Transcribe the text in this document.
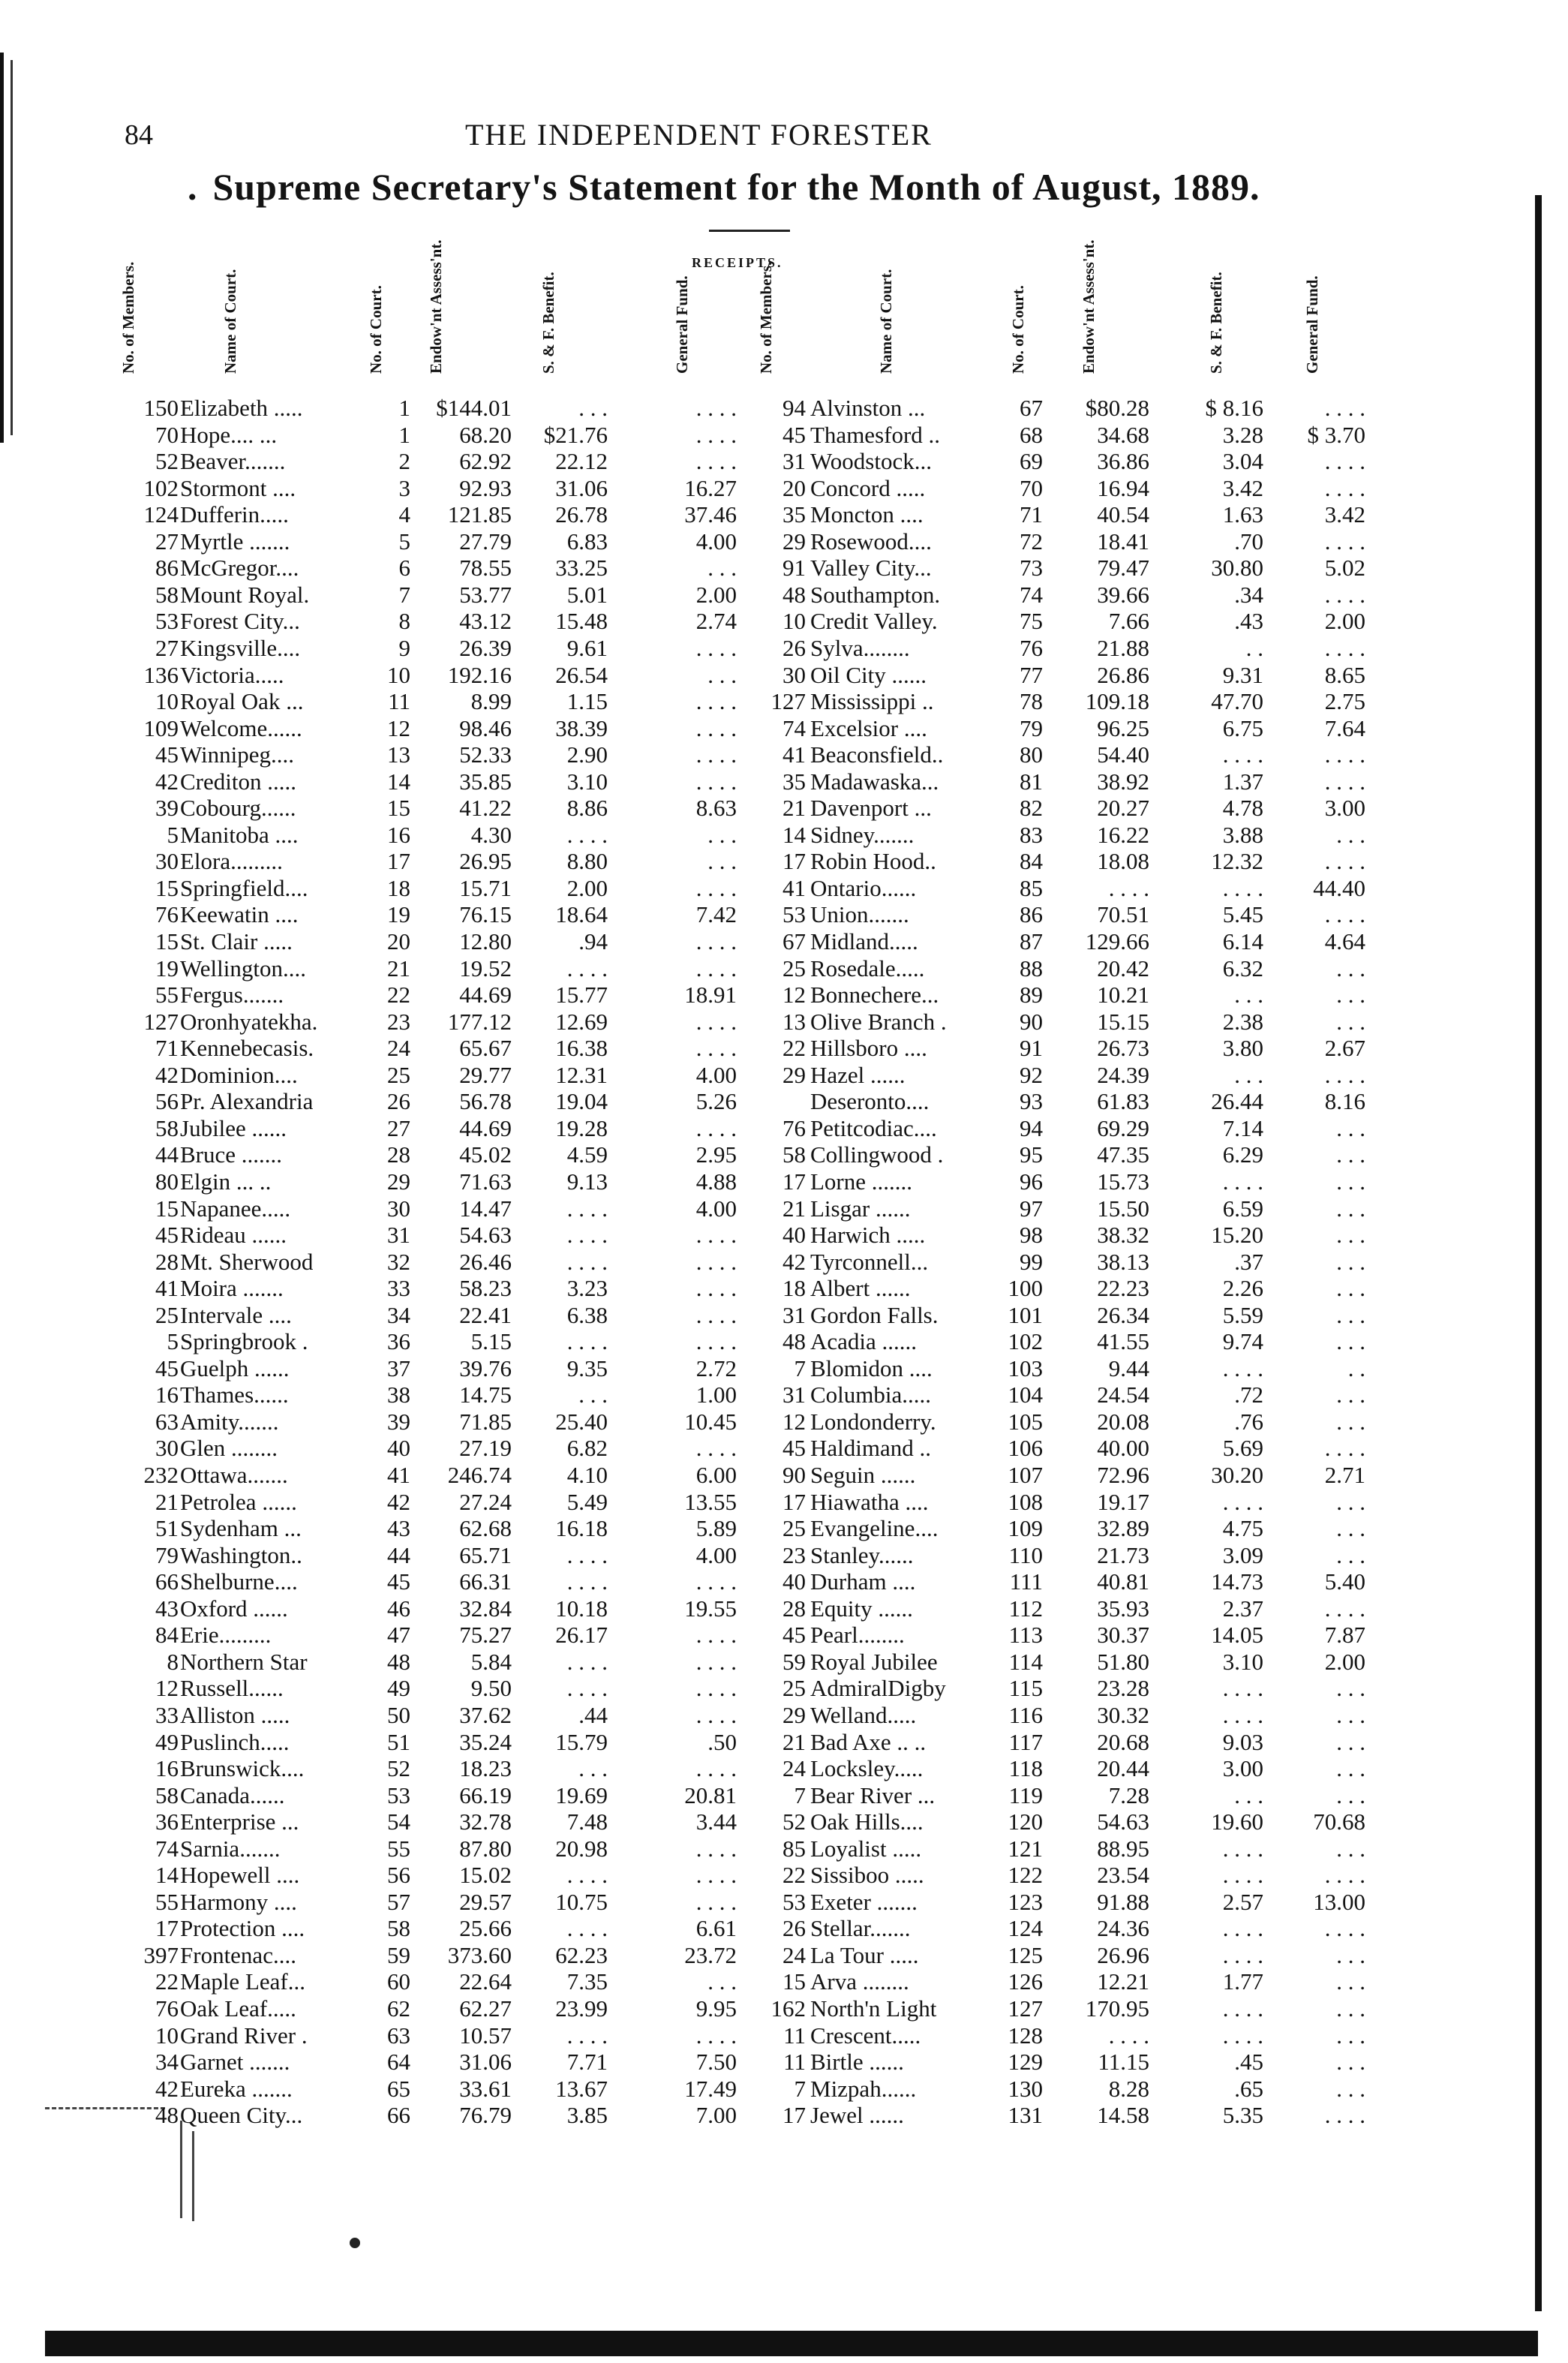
84	THE INDEPENDENT FORESTER
. Supreme Secretary's Statement for the Month of August, 1889.
RECEIPTS.
No. of Members.	Name of Court.	No. of Court.	Endow'nt Assess'nt.	S. & F. Benefit.	General Fund.	No. of Members.	Name of Court.	No. of Court.	Endow'nt Assess'nt.	S. & F. Benefit.	General Fund.
150 Elizabeth .....	1	$144.01	. . .	. . . .	94 Alvinston ...	67	$80.28	$ 8.16	. . . .
70 Hope.... ...	1	68.20	$21.76	. . . .	45 Thamesford ..	68	34.68	3.28	$ 3.70
52 Beaver.......	2	62.92	22.12	. . . .	31 Woodstock...	69	36.86	3.04	. . . .
102 Stormont ....	3	92.93	31.06	16.27	20 Concord .....	70	16.94	3.42	. . . .
124 Dufferin.....	4	121.85	26.78	37.46	35 Moncton ....	71	40.54	1.63	3.42
27 Myrtle .......	5	27.79	6.83	4.00	29 Rosewood....	72	18.41	.70	. . . .
86 McGregor....	6	78.55	33.25	. . .	91 Valley City...	73	79.47	30.80	5.02
58 Mount Royal.	7	53.77	5.01	2.00	48 Southampton.	74	39.66	.34	. . . .
53 Forest City...	8	43.12	15.48	2.74	10 Credit Valley.	75	7.66	.43	2.00
27 Kingsville....	9	26.39	9.61	. . . .	26 Sylva........	76	21.88	. .	. . . .
136 Victoria.....	10	192.16	26.54	. . .	30 Oil City ......	77	26.86	9.31	8.65
10 Royal Oak ...	11	8.99	1.15	. . . .	127 Mississippi ..	78	109.18	47.70	2.75
109 Welcome......	12	98.46	38.39	. . . .	74 Excelsior ....	79	96.25	6.75	7.64
45 Winnipeg....	13	52.33	2.90	. . . .	41 Beaconsfield..	80	54.40	. . . .	. . . .
42 Crediton .....	14	35.85	3.10	. . . .	35 Madawaska...	81	38.92	1.37	. . . .
39 Cobourg......	15	41.22	8.86	8.63	21 Davenport ...	82	20.27	4.78	3.00
5 Manitoba ....	16	4.30	. . . .	. . .	14 Sidney.......	83	16.22	3.88	. . .
30 Elora.........	17	26.95	8.80	. . .	17 Robin Hood..	84	18.08	12.32	. . . .
15 Springfield....	18	15.71	2.00	. . . .	41 Ontario......	85	. . . .	. . . .	44.40
76 Keewatin ....	19	76.15	18.64	7.42	53 Union.......	86	70.51	5.45	. . . .
15 St. Clair .....	20	12.80	.94	. . . .	67 Midland.....	87	129.66	6.14	4.64
19 Wellington....	21	19.52	. . . .	. . . .	25 Rosedale.....	88	20.42	6.32	. . .
55 Fergus.......	22	44.69	15.77	18.91	12 Bonnechere...	89	10.21	. . .	. . .
127 Oronhyatekha.	23	177.12	12.69	. . . .	13 Olive Branch .	90	15.15	2.38	. . .
71 Kennebecasis.	24	65.67	16.38	. . . .	22 Hillsboro ....	91	26.73	3.80	2.67
42 Dominion....	25	29.77	12.31	4.00	29 Hazel ......	92	24.39	. . .	. . . .
56 Pr. Alexandria	26	56.78	19.04	5.26	Deseronto....	93	61.83	26.44	8.16
58 Jubilee ......	27	44.69	19.28	. . . .	76 Petitcodiac....	94	69.29	7.14	. . .
44 Bruce .......	28	45.02	4.59	2.95	58 Collingwood .	95	47.35	6.29	. . .
80 Elgin ... ..	29	71.63	9.13	4.88	17 Lorne .......	96	15.73	. . . .	. . .
15 Napanee.....	30	14.47	. . . .	4.00	21 Lisgar ......	97	15.50	6.59	. . .
45 Rideau ......	31	54.63	. . . .	. . . .	40 Harwich .....	98	38.32	15.20	. . .
28 Mt. Sherwood	32	26.46	. . . .	. . . .	42 Tyrconnell...	99	38.13	.37	. . .
41 Moira .......	33	58.23	3.23	. . . .	18 Albert ......	100	22.23	2.26	. . .
25 Intervale ....	34	22.41	6.38	. . . .	31 Gordon Falls.	101	26.34	5.59	. . .
5 Springbrook .	36	5.15	. . . .	. . . .	48 Acadia ......	102	41.55	9.74	. . .
45 Guelph ......	37	39.76	9.35	2.72	7 Blomidon ....	103	9.44	. . . .	. .
16 Thames......	38	14.75	. . .	1.00	31 Columbia.....	104	24.54	.72	. . .
63 Amity.......	39	71.85	25.40	10.45	12 Londonderry.	105	20.08	.76	. . .
30 Glen ........	40	27.19	6.82	. . . .	45 Haldimand ..	106	40.00	5.69	. . . .
232 Ottawa.......	41	246.74	4.10	6.00	90 Seguin ......	107	72.96	30.20	2.71
21 Petrolea ......	42	27.24	5.49	13.55	17 Hiawatha ....	108	19.17	. . . .	. . .
51 Sydenham ...	43	62.68	16.18	5.89	25 Evangeline....	109	32.89	4.75	. . .
79 Washington..	44	65.71	. . . .	4.00	23 Stanley......	110	21.73	3.09	. . .
66 Shelburne....	45	66.31	. . . .	. . . .	40 Durham ....	111	40.81	14.73	5.40
43 Oxford ......	46	32.84	10.18	19.55	28 Equity ......	112	35.93	2.37	. . . .
84 Erie.........	47	75.27	26.17	. . . .	45 Pearl........	113	30.37	14.05	7.87
8 Northern Star	48	5.84	. . . .	. . . .	59 Royal Jubilee	114	51.80	3.10	2.00
12 Russell......	49	9.50	. . . .	. . . .	25 AdmiralDigby	115	23.28	. . . .	. . .
33 Alliston .....	50	37.62	.44	. . . .	29 Welland.....	116	30.32	. . . .	. . .
49 Puslinch.....	51	35.24	15.79	.50	21 Bad Axe .. ..	117	20.68	9.03	. . .
16 Brunswick....	52	18.23	. . .	. . . .	24 Locksley.....	118	20.44	3.00	. . .
58 Canada......	53	66.19	19.69	20.81	7 Bear River ...	119	7.28	. . .	. . .
36 Enterprise ...	54	32.78	7.48	3.44	52 Oak Hills....	120	54.63	19.60	70.68
74 Sarnia.......	55	87.80	20.98	. . . .	85 Loyalist .....	121	88.95	. . . .	. . .
14 Hopewell ....	56	15.02	. . . .	. . . .	22 Sissiboo .....	122	23.54	. . . .	. . . .
55 Harmony ....	57	29.57	10.75	. . . .	53 Exeter .......	123	91.88	2.57	13.00
17 Protection ....	58	25.66	. . . .	6.61	26 Stellar.......	124	24.36	. . . .	. . . .
397 Frontenac....	59	373.60	62.23	23.72	24 La Tour .....	125	26.96	. . . .	. . .
22 Maple Leaf...	60	22.64	7.35	. . .	15 Arva ........	126	12.21	1.77	. . .
76 Oak Leaf.....	62	62.27	23.99	9.95	162 North'n Light	127	170.95	. . . .	. . .
10 Grand River .	63	10.57	. . . .	. . . .	11 Crescent.....	128	. . . .	. . . .	. . .
34 Garnet .......	64	31.06	7.71	7.50	11 Birtle ......	129	11.15	.45	. . .
42 Eureka .......	65	33.61	13.67	17.49	7 Mizpah......	130	8.28	.65	. . .
48 Queen City...	66	76.79	3.85	7.00	17 Jewel ......	131	14.58	5.35	. . . .
